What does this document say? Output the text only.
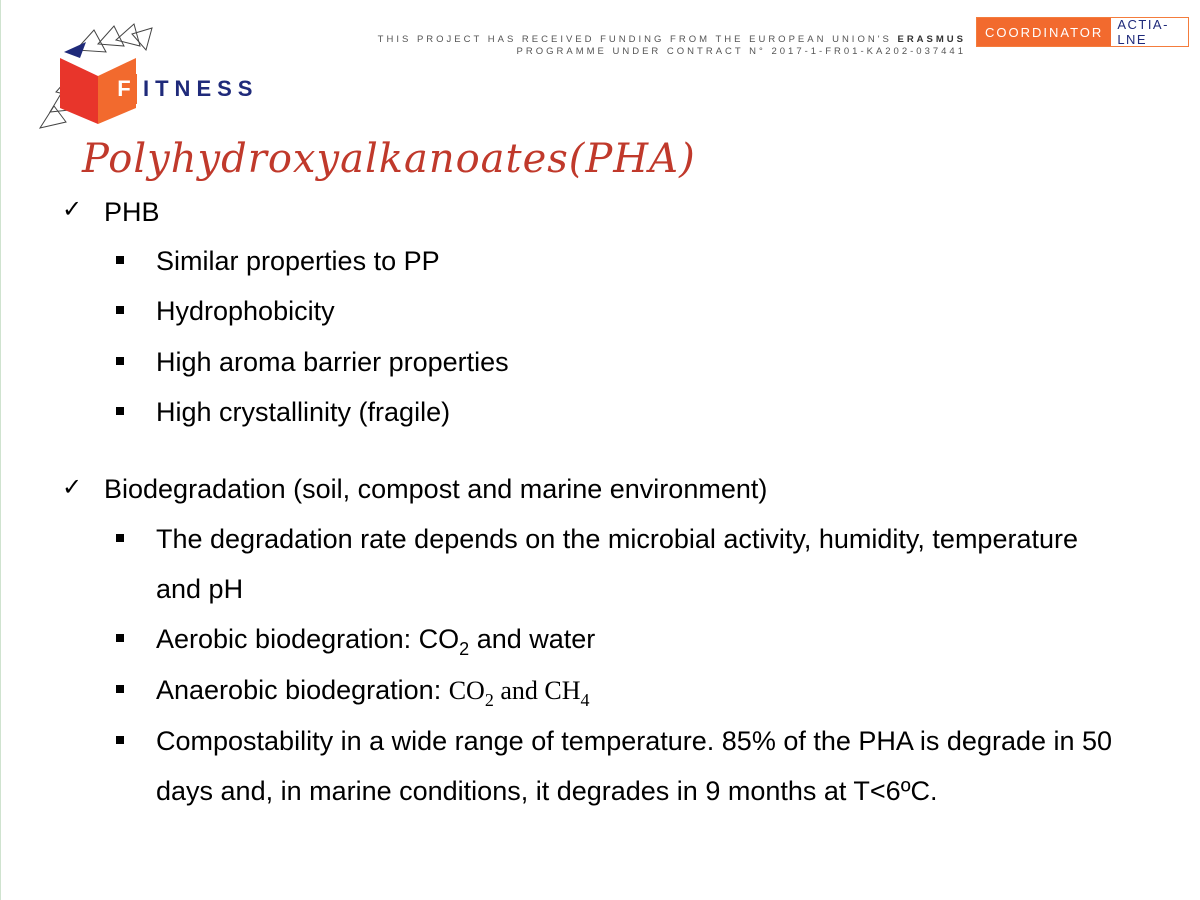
F ITNESS
THIS PROJECT HAS RECEIVED FUNDING FROM THE EUROPEAN UNION'S ERASMUS
PROGRAMME UNDER CONTRACT N° 2017-1-FR01-KA202-037441
COORDINATOR	ACTIA-LNE
Polyhydroxyalkanoates(PHA)
✓ PHB
Similar properties to PP
Hydrophobicity
High aroma barrier properties
High crystallinity (fragile)
✓ Biodegradation (soil, compost and marine environment)
The degradation rate depends on the microbial activity, humidity, temperature
and pH
Aerobic biodegration: $CO_2$ and water
Anaerobic biodegration: $CO_2$ and $CH_4$
Compostability in a wide range of temperature. 85% of the PHA is degrade in 50
days and, in marine conditions, it degrades in 9 months at T<6ºC.
